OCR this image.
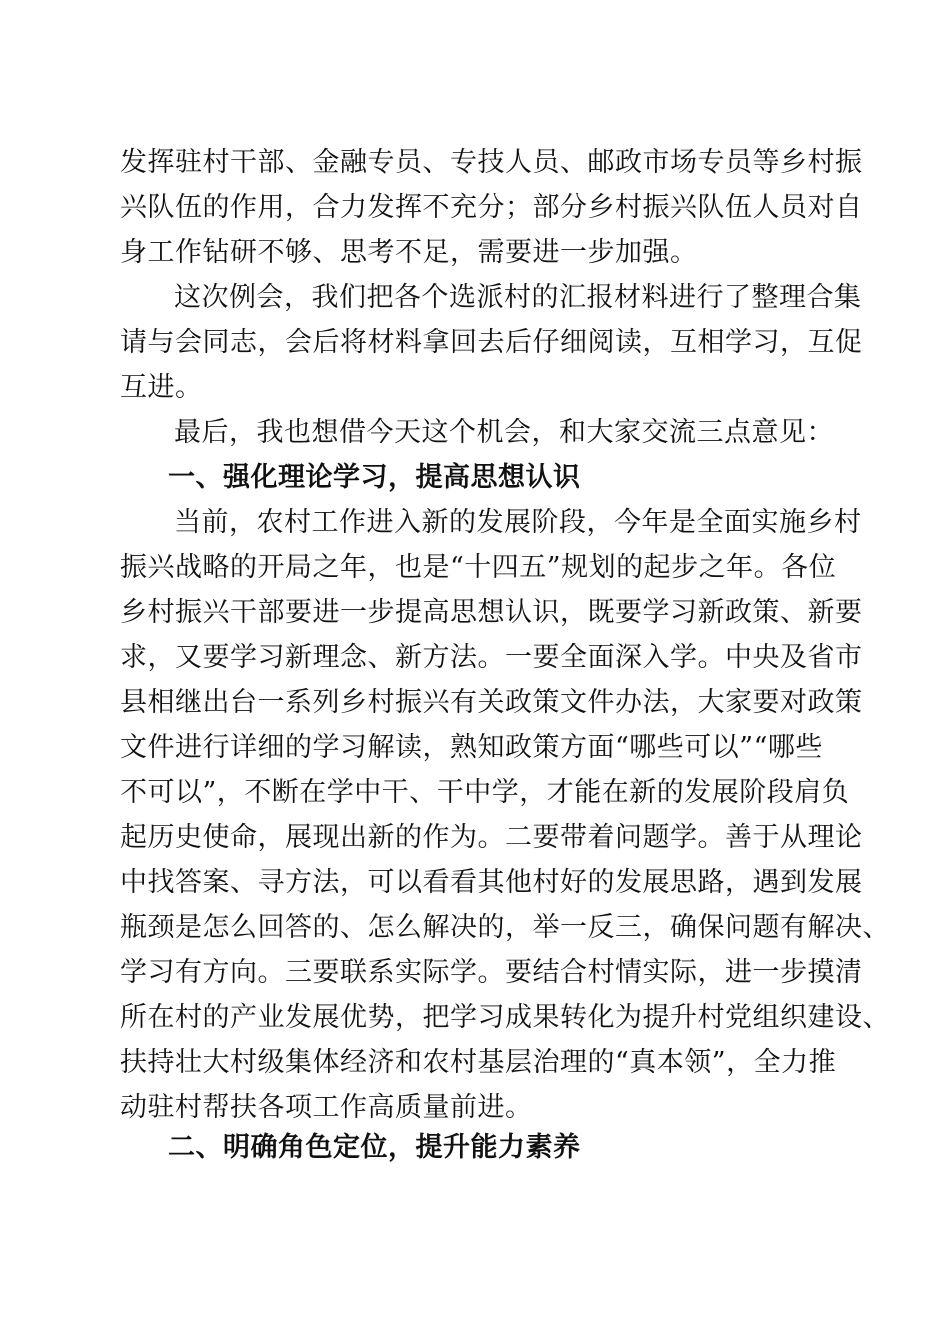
发挥驻村干部、金融专员、专技人员、邮政市场专员等乡村振
兴队伍的作用，合力发挥不充分；部分乡村振兴队伍人员对自
身工作钻研不够、思考不足，需要进一步加强。
这次例会，我们把各个选派村的汇报材料进行了整理合集
请与会同志，会后将材料拿回去后仔细阅读，互相学习，互促
互进。
最后，我也想借今天这个机会，和大家交流三点意见：
一、强化理论学习，提高思想认识
当前，农村工作进入新的发展阶段，今年是全面实施乡村
振兴战略的开局之年，也是“十四五”规划的起步之年。各位
乡村振兴干部要进一步提高思想认识，既要学习新政策、新要
求，又要学习新理念、新方法。一要全面深入学。中央及省市
县相继出台一系列乡村振兴有关政策文件办法，大家要对政策
文件进行详细的学习解读，熟知政策方面“哪些可以”“哪些
不可以”，不断在学中干、干中学，才能在新的发展阶段肩负
起历史使命，展现出新的作为。二要带着问题学。善于从理论
中找答案、寻方法，可以看看其他村好的发展思路，遇到发展
瓶颈是怎么回答的、怎么解决的，举一反三，确保问题有解决、
学习有方向。三要联系实际学。要结合村情实际，进一步摸清
所在村的产业发展优势，把学习成果转化为提升村党组织建设、
扶持壮大村级集体经济和农村基层治理的“真本领”，全力推
动驻村帮扶各项工作高质量前进。
二、明确角色定位，提升能力素养
